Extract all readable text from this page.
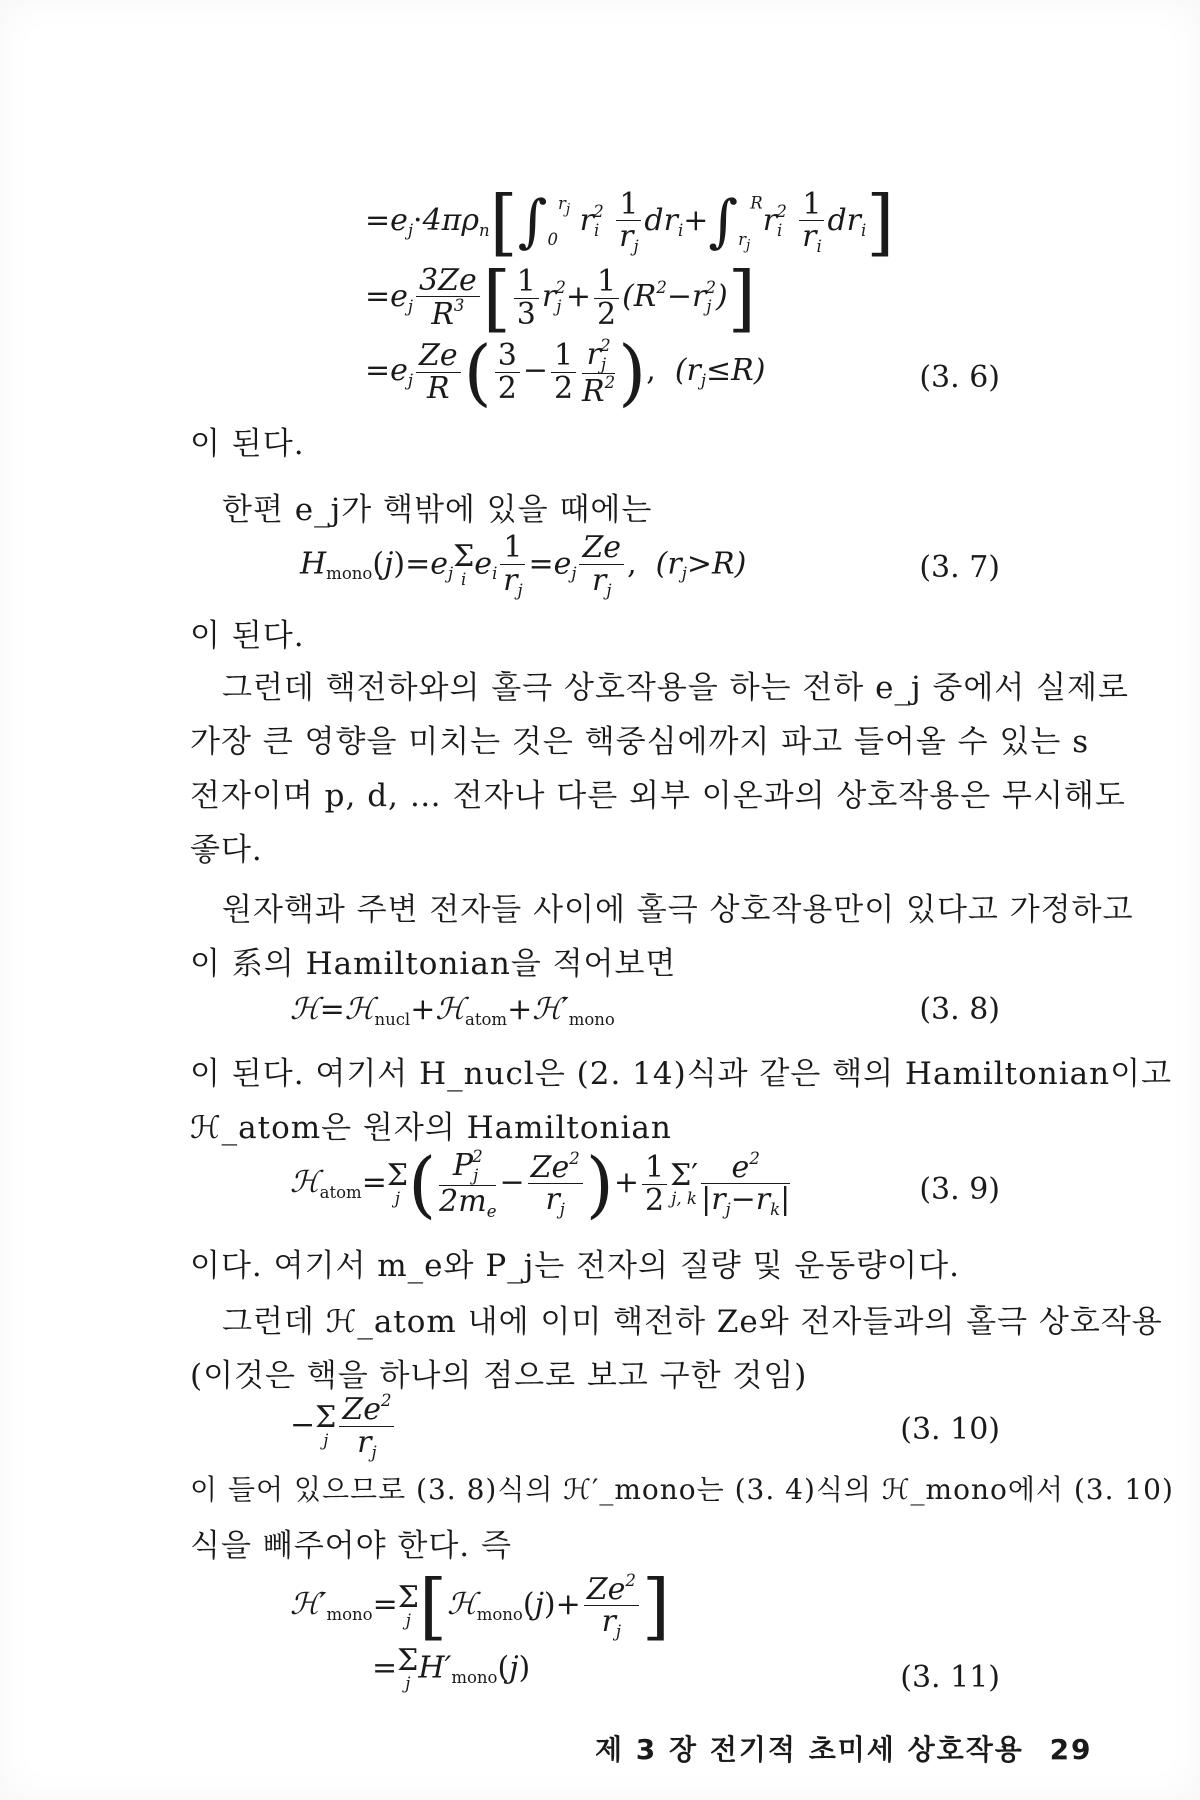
$=e_j\cdot 4\pi\rho_n[\int_0^{r_j}$ $r_i^2 \frac{1}{r_j} dr_i+\int_{r_j}^Rr_i^2 \frac{1}{r_i} dr_i$]
$=e_j \frac{3Ze}{R^3}$ [ $\frac{1}{3} r_j^2+ \frac{1}{2} (R^2-r_j^2)$]
$=e_j \frac{Ze}{R}$ ( $\frac{3}{2} - \frac{1}{2} \frac{r_j^2}{R^2}$ ),  $(r_j\le R)$	(3. 6)
이 된다.
한편 e_j가 핵밖에 있을 때에는
$H_{mono}(j)=e_j$ Σ
i $e_i \frac{1}{r_j} =e_j \frac{Ze}{r_j}$ ,  $(r_j>R)$	(3. 7)
이 된다.
그런데 핵전하와의 홀극 상호작용을 하는 전하 e_j 중에서 실제로
가장 큰 영향을 미치는 것은 핵중심에까지 파고 들어올 수 있는 s
전자이며 p, d, … 전자나 다른 외부 이온과의 상호작용은 무시해도
좋다.
원자핵과 주변 전자들 사이에 홀극 상호작용만이 있다고 가정하고
이 系의 Hamiltonian을 적어보면
$ℋ=ℋ_{nucl}+ℋ_{atom}+ℋ'_{mono}$	(3. 8)
이 된다. 여기서 H_nucl은 (2. 14)식과 같은 핵의 Hamiltonian이고
ℋ_atom은 원자의 Hamiltonian
ℋ$_{atom}$= Σ
j ( $\frac{P_j^2}{2m_e} - \frac{Ze^2}{r_j}$ )+ $\frac{1}{2} \Sigma'$
j, k $\frac{e^2}{|r_j-r_k|}$	(3. 9)
이다. 여기서 m_e와 P_j는 전자의 질량 및 운동량이다.
그런데 ℋ_atom 내에 이미 핵전하 Ze와 전자들과의 홀극 상호작용
(이것은 핵을 하나의 점으로 보고 구한 것임)
− Σ
j $\frac{Ze^2}{r_j}$	(3. 10)
이 들어 있으므로 (3. 8)식의 ℋ′_mono는 (3. 4)식의 ℋ_mono에서 (3. 10)
식을 빼주어야 한다. 즉
$ℋ'_{mono}= \Sigma$
j [ℋ$_{mono}$(j)+ $\frac{Ze^2}{r_j}$ ]
= Σ
j $H'_{mono}(j)$	(3. 11)
제 3 장 전기적 초미세 상호작용 29
